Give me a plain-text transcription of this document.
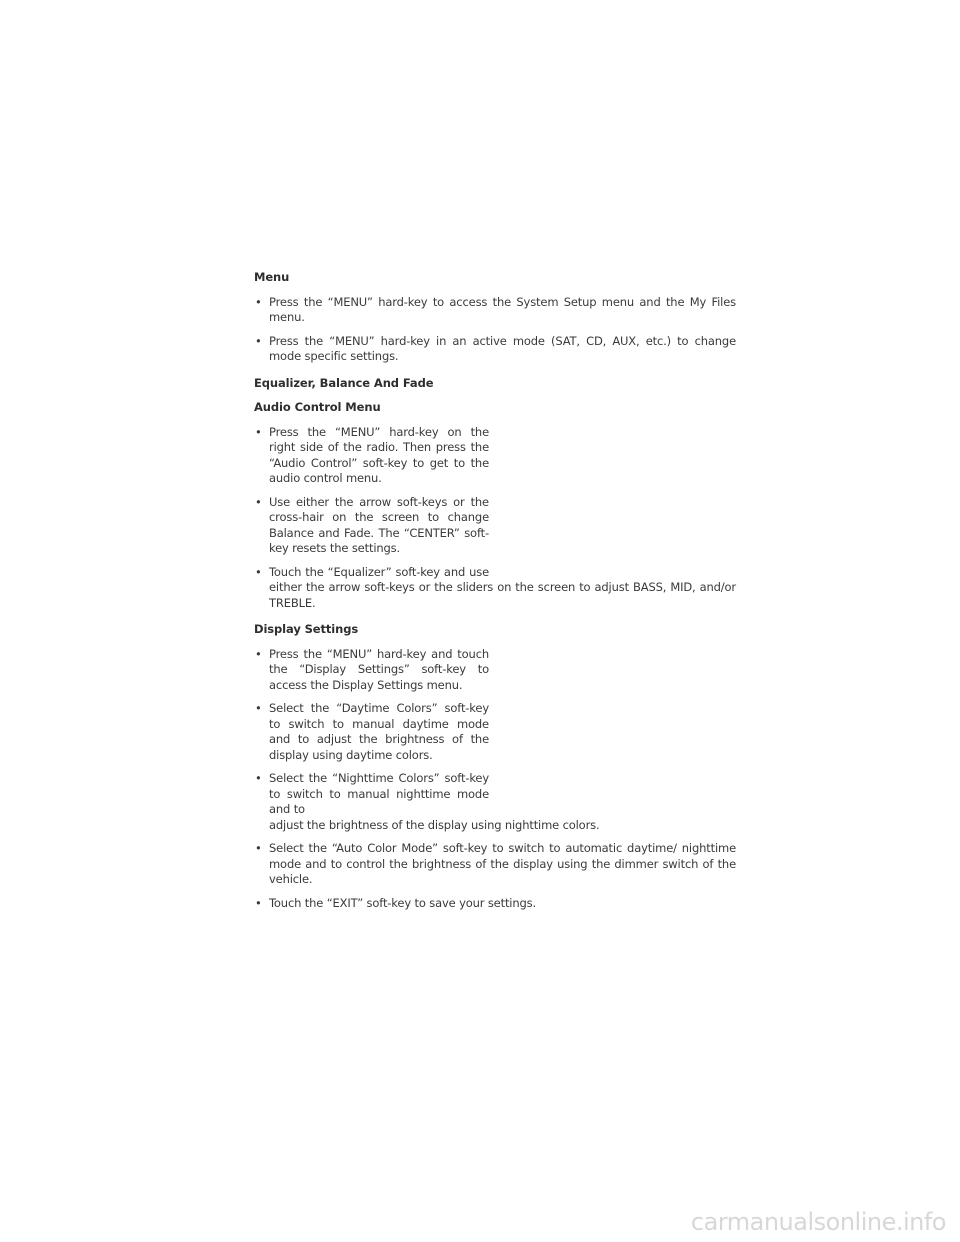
Menu
• Press the “MENU” hard-key to access the System Setup menu and the My Files menu.
• Press the “MENU” hard-key in an active mode (SAT, CD, AUX, etc.) to change mode specific settings.
Equalizer, Balance And Fade
Audio Control Menu
• Press the “MENU” hard-key on the right side of the radio. Then press the “Audio Control” soft-key to get to the audio control menu.
• Use either the arrow soft-keys or the cross-hair on the screen to change Balance and Fade. The “CENTER” soft-key resets the settings.
• Touch the “Equalizer” soft-key and use
either the arrow soft-keys or the sliders on the screen to adjust BASS, MID, and/or TREBLE.
Display Settings
• Press the “MENU” hard-key and touch the “Display Settings” soft-key to access the Display Settings menu.
• Select the “Daytime Colors” soft-key to switch to manual daytime mode and to adjust the brightness of the display using daytime colors.
• Select the “Nighttime Colors” soft-key to switch to manual nighttime mode and to
adjust the brightness of the display using nighttime colors.
• Select the “Auto Color Mode” soft-key to switch to automatic daytime/ nighttime mode and to control the brightness of the display using the dimmer switch of the vehicle.
• Touch the “EXIT” soft-key to save your settings.
carmanualsonline.info
